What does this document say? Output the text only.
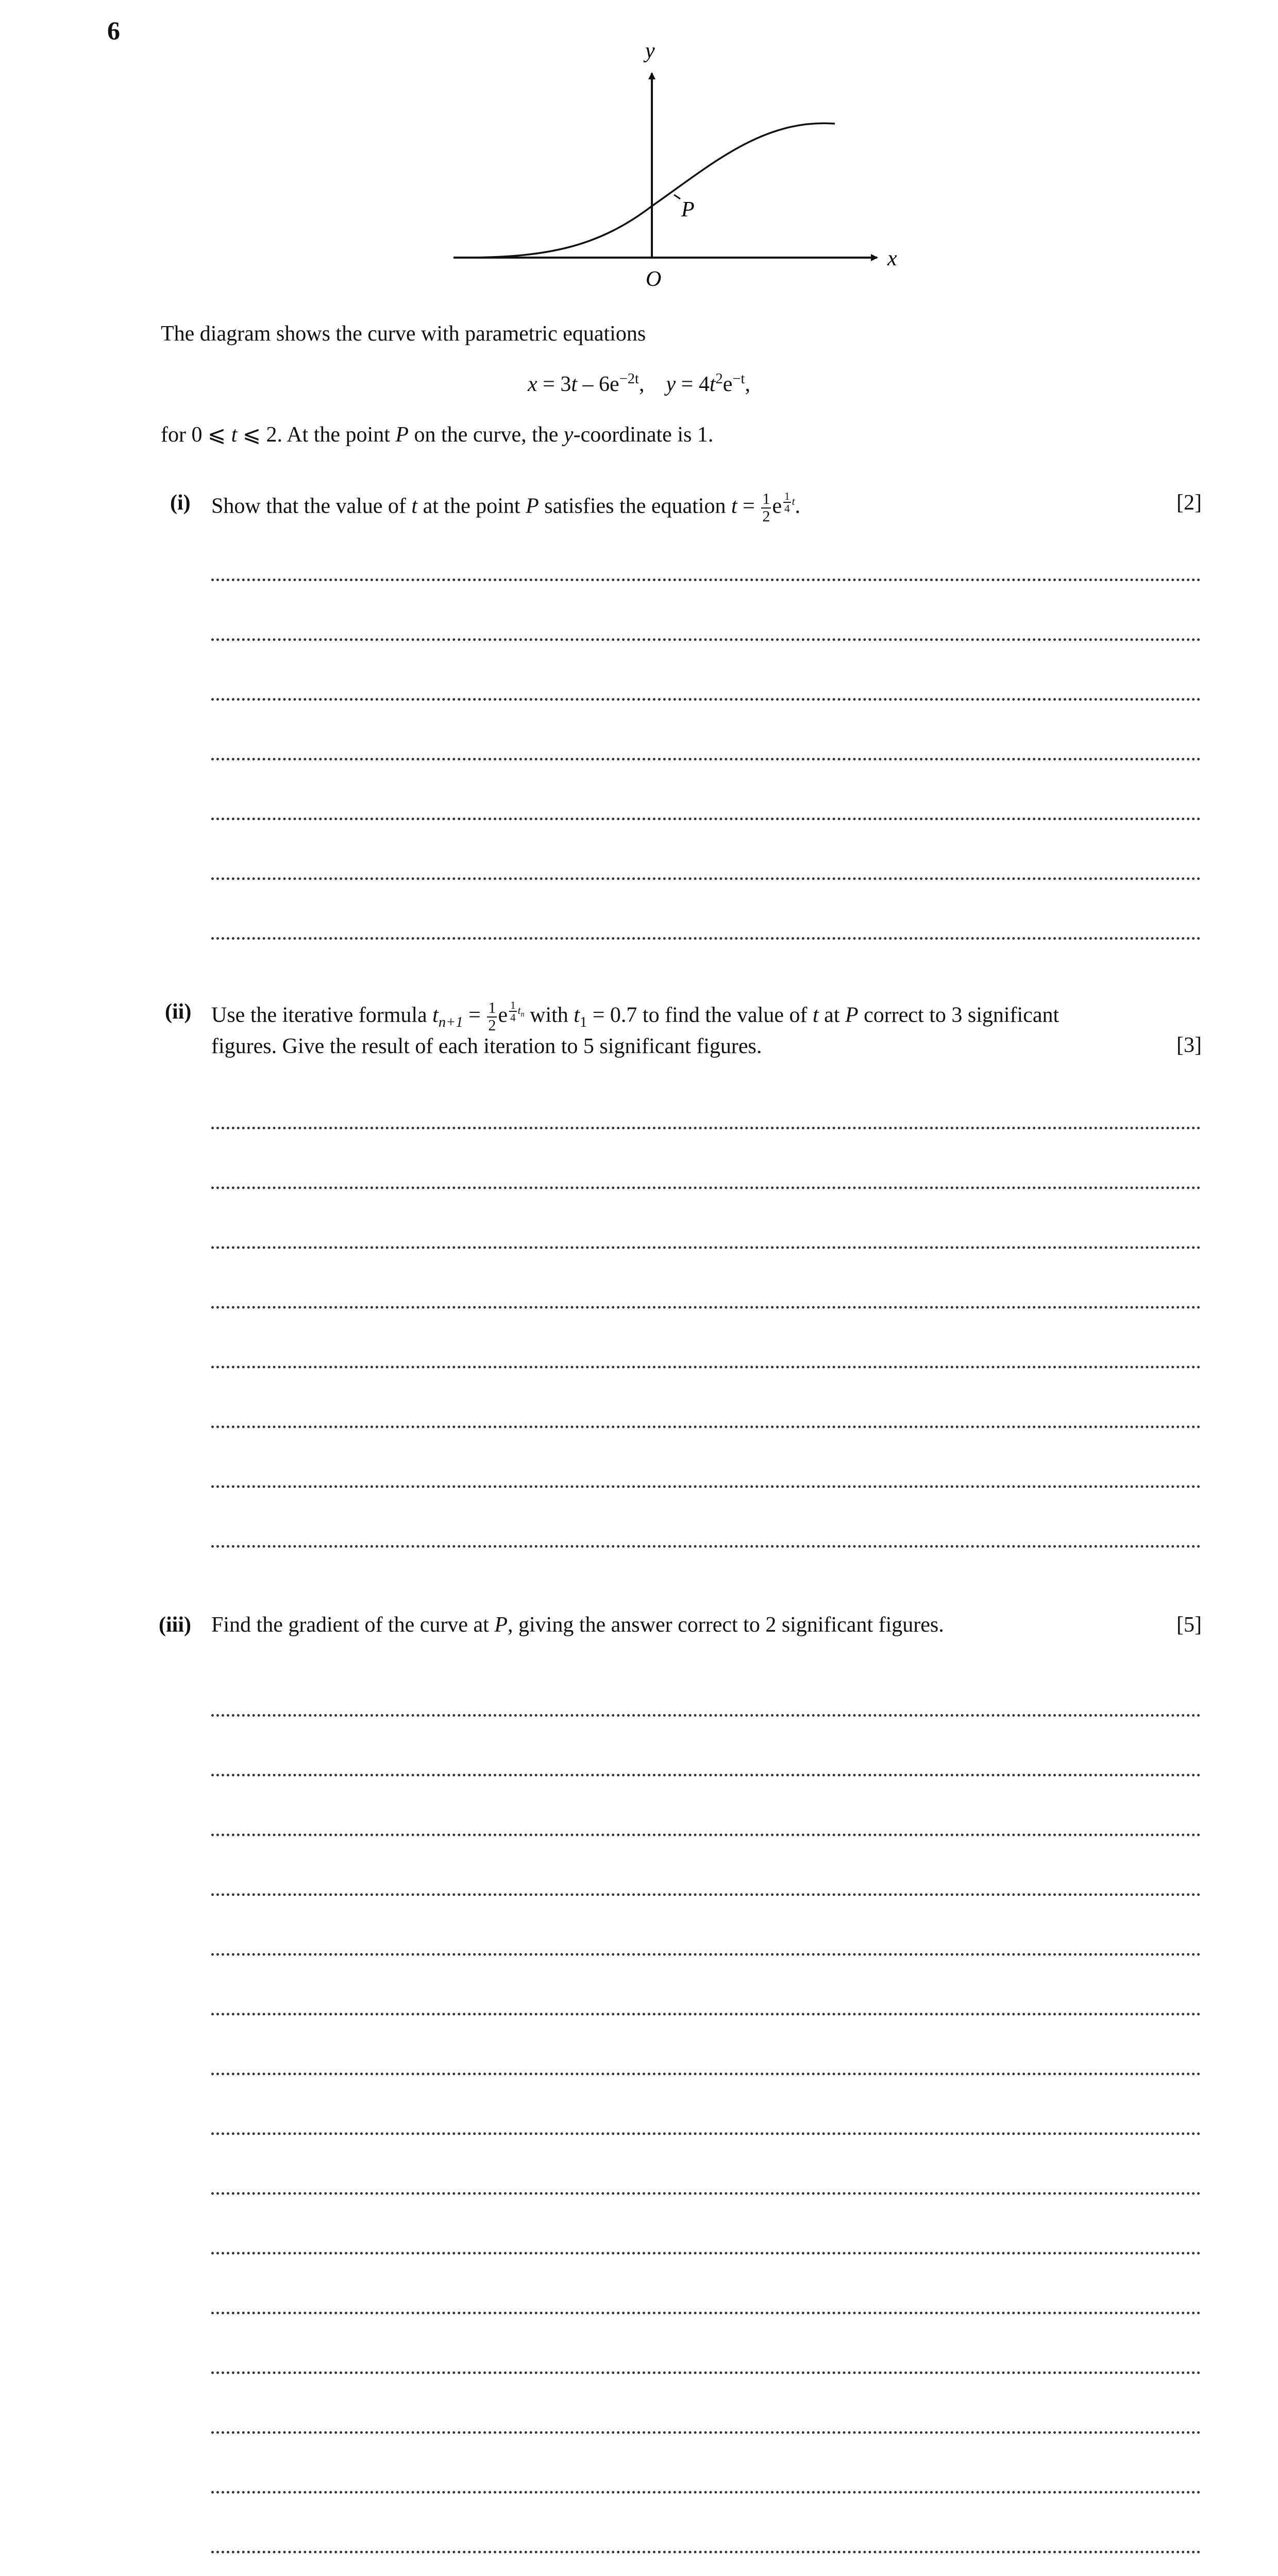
6
y
x
O
P
The diagram shows the curve with parametric equations
$x = 3t - 6e^{-2t}$, $y = 4t^2e^{-t}$,
for 0 ⩽ t ⩽ 2. At the point P on the curve, the y-coordinate is 1.
(i) Show that the value of t at the point P satisfies the equation $t = \frac{1}{2}$ e $\frac{1}{4} t$.	[2]
(ii) Use the iterative formula $t_{n+1} = \frac{1}{2}$ e $\frac{1}{4} t_n$ with $t_1 = 0.7$ to find the value of t at P correct to 3 significant
figures. Give the result of each iteration to 5 significant figures.	[3]
(iii) Find the gradient of the curve at P, giving the answer correct to 2 significant figures.	[5]
